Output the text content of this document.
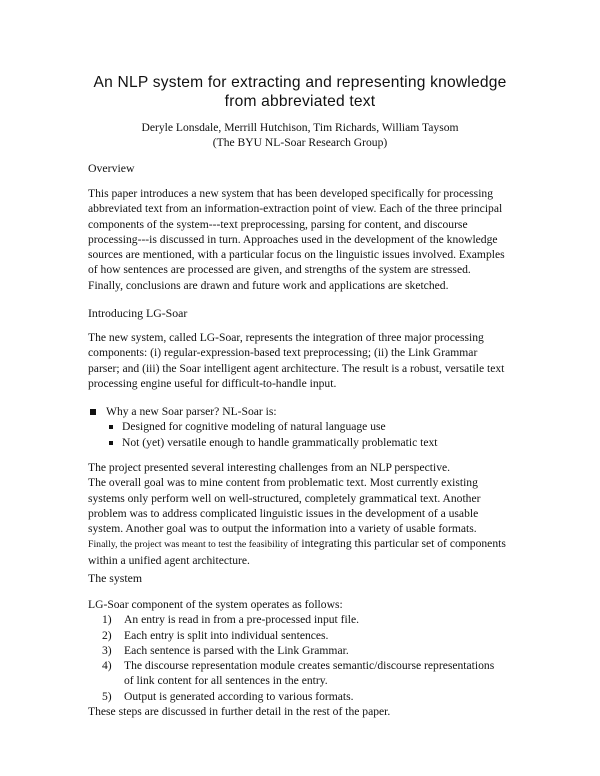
An NLP system for extracting and representing knowledge
from abbreviated text
Deryle Lonsdale, Merrill Hutchison, Tim Richards, William Taysom
(The BYU NL-Soar Research Group)
Overview

This paper introduces a new system that has been developed specifically for processing

abbreviated text from an information-extraction point of view. Each of the three principal

components of the system---text preprocessing, parsing for content, and discourse

processing---is discussed in turn. Approaches used in the development of the knowledge

sources are mentioned, with a particular focus on the linguistic issues involved. Examples

of how sentences are processed are given, and strengths of the system are stressed.

Finally, conclusions are drawn and future work and applications are sketched.

Introducing LG-Soar

The new system, called LG-Soar, represents the integration of three major processing

components: (i) regular-expression-based text preprocessing; (ii) the Link Grammar

parser; and (iii) the Soar intelligent agent architecture. The result is a robust, versatile text

processing engine useful for difficult-to-handle input.

Why a new Soar parser? NL-Soar is:
Designed for cognitive modeling of natural language use
Not (yet) versatile enough to handle grammatically problematic text

The project presented several interesting challenges from an NLP perspective.

The overall goal was to mine content from problematic text. Most currently existing

systems only perform well on well-structured, completely grammatical text. Another

problem was to address complicated linguistic issues in the development of a usable

system. Another goal was to output the information into a variety of usable formats.

Finally, the project was meant to test the feasibility of integrating this particular set of components

within a unified agent architecture.

The system

LG-Soar component of the system operates as follows:

1) An entry is read in from a pre-processed input file.
2) Each entry is split into individual sentences.
3) Each sentence is parsed with the Link Grammar.
4) The discourse representation module creates semantic/discourse representations
of link content for all sentences in the entry.
5) Output is generated according to various formats.

These steps are discussed in further detail in the rest of the paper.
